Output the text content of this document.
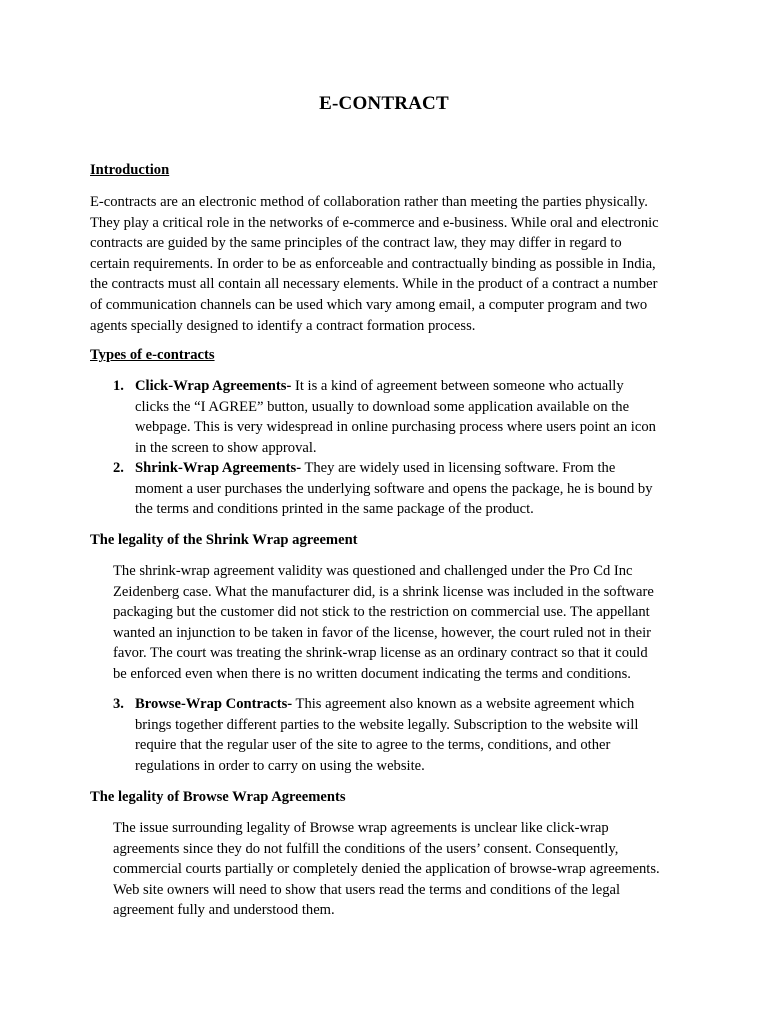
E-CONTRACT
Introduction
E-contracts are an electronic method of collaboration rather than meeting the parties physically.
They play a critical role in the networks of e-commerce and e-business. While oral and electronic
contracts are guided by the same principles of the contract law, they may differ in regard to
certain requirements. In order to be as enforceable and contractually binding as possible in India,
the contracts must all contain all necessary elements. While in the product of a contract a number
of communication channels can be used which vary among email, a computer program and two
agents specially designed to identify a contract formation process.
Types of e-contracts
1. Click-Wrap Agreements- It is a kind of agreement between someone who actually
clicks the “I AGREE” button, usually to download some application available on the
webpage. This is very widespread in online purchasing process where users point an icon
in the screen to show approval.
2. Shrink-Wrap Agreements- They are widely used in licensing software. From the
moment a user purchases the underlying software and opens the package, he is bound by
the terms and conditions printed in the same package of the product.
The legality of the Shrink Wrap agreement
The shrink-wrap agreement validity was questioned and challenged under the Pro Cd Inc
Zeidenberg case. What the manufacturer did, is a shrink license was included in the software
packaging but the customer did not stick to the restriction on commercial use. The appellant
wanted an injunction to be taken in favor of the license, however, the court ruled not in their
favor. The court was treating the shrink-wrap license as an ordinary contract so that it could
be enforced even when there is no written document indicating the terms and conditions.
3. Browse-Wrap Contracts- This agreement also known as a website agreement which
brings together different parties to the website legally. Subscription to the website will
require that the regular user of the site to agree to the terms, conditions, and other
regulations in order to carry on using the website.
The legality of Browse Wrap Agreements
The issue surrounding legality of Browse wrap agreements is unclear like click-wrap
agreements since they do not fulfill the conditions of the users’ consent. Consequently,
commercial courts partially or completely denied the application of browse-wrap agreements.
Web site owners will need to show that users read the terms and conditions of the legal
agreement fully and understood them.
